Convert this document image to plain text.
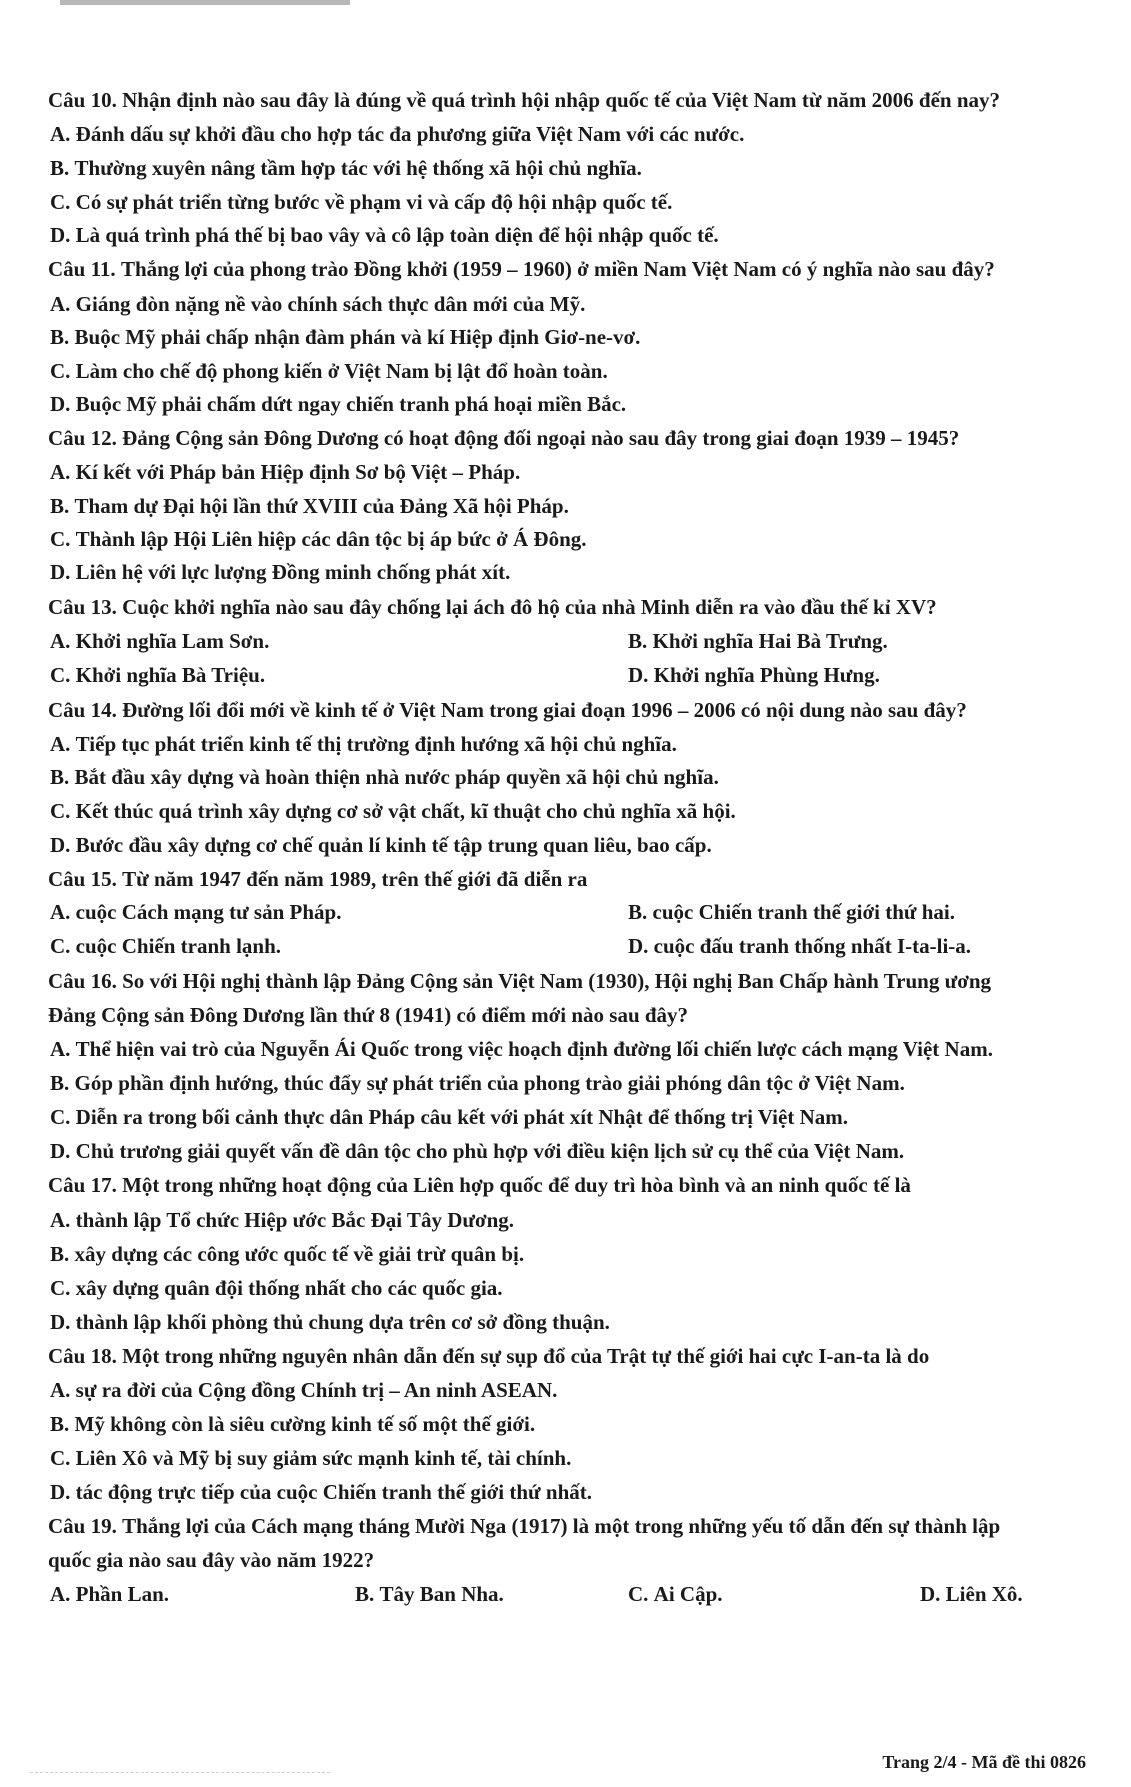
Câu 10. Nhận định nào sau đây là đúng về quá trình hội nhập quốc tế của Việt Nam từ năm 2006 đến nay?
A. Đánh dấu sự khởi đầu cho hợp tác đa phương giữa Việt Nam với các nước.
B. Thường xuyên nâng tầm hợp tác với hệ thống xã hội chủ nghĩa.
C. Có sự phát triển từng bước về phạm vi và cấp độ hội nhập quốc tế.
D. Là quá trình phá thế bị bao vây và cô lập toàn diện để hội nhập quốc tế.
Câu 11. Thắng lợi của phong trào Đồng khởi (1959 – 1960) ở miền Nam Việt Nam có ý nghĩa nào sau đây?
A. Giáng đòn nặng nề vào chính sách thực dân mới của Mỹ.
B. Buộc Mỹ phải chấp nhận đàm phán và kí Hiệp định Giơ-ne-vơ.
C. Làm cho chế độ phong kiến ở Việt Nam bị lật đổ hoàn toàn.
D. Buộc Mỹ phải chấm dứt ngay chiến tranh phá hoại miền Bắc.
Câu 12. Đảng Cộng sản Đông Dương có hoạt động đối ngoại nào sau đây trong giai đoạn 1939 – 1945?
A. Kí kết với Pháp bản Hiệp định Sơ bộ Việt – Pháp.
B. Tham dự Đại hội lần thứ XVIII của Đảng Xã hội Pháp.
C. Thành lập Hội Liên hiệp các dân tộc bị áp bức ở Á Đông.
D. Liên hệ với lực lượng Đồng minh chống phát xít.
Câu 13. Cuộc khởi nghĩa nào sau đây chống lại ách đô hộ của nhà Minh diễn ra vào đầu thế kỉ XV?
A. Khởi nghĩa Lam Sơn.	B. Khởi nghĩa Hai Bà Trưng.
C. Khởi nghĩa Bà Triệu.	D. Khởi nghĩa Phùng Hưng.
Câu 14. Đường lối đổi mới về kinh tế ở Việt Nam trong giai đoạn 1996 – 2006 có nội dung nào sau đây?
A. Tiếp tục phát triển kinh tế thị trường định hướng xã hội chủ nghĩa.
B. Bắt đầu xây dựng và hoàn thiện nhà nước pháp quyền xã hội chủ nghĩa.
C. Kết thúc quá trình xây dựng cơ sở vật chất, kĩ thuật cho chủ nghĩa xã hội.
D. Bước đầu xây dựng cơ chế quản lí kinh tế tập trung quan liêu, bao cấp.
Câu 15. Từ năm 1947 đến năm 1989, trên thế giới đã diễn ra
A. cuộc Cách mạng tư sản Pháp.	B. cuộc Chiến tranh thế giới thứ hai.
C. cuộc Chiến tranh lạnh.	D. cuộc đấu tranh thống nhất I-ta-li-a.
Câu 16. So với Hội nghị thành lập Đảng Cộng sản Việt Nam (1930), Hội nghị Ban Chấp hành Trung ương
Đảng Cộng sản Đông Dương lần thứ 8 (1941) có điểm mới nào sau đây?
A. Thể hiện vai trò của Nguyễn Ái Quốc trong việc hoạch định đường lối chiến lược cách mạng Việt Nam.
B. Góp phần định hướng, thúc đẩy sự phát triển của phong trào giải phóng dân tộc ở Việt Nam.
C. Diễn ra trong bối cảnh thực dân Pháp câu kết với phát xít Nhật để thống trị Việt Nam.
D. Chủ trương giải quyết vấn đề dân tộc cho phù hợp với điều kiện lịch sử cụ thể của Việt Nam.
Câu 17. Một trong những hoạt động của Liên hợp quốc để duy trì hòa bình và an ninh quốc tế là
A. thành lập Tổ chức Hiệp ước Bắc Đại Tây Dương.
B. xây dựng các công ước quốc tế về giải trừ quân bị.
C. xây dựng quân đội thống nhất cho các quốc gia.
D. thành lập khối phòng thủ chung dựa trên cơ sở đồng thuận.
Câu 18. Một trong những nguyên nhân dẫn đến sự sụp đổ của Trật tự thế giới hai cực I-an-ta là do
A. sự ra đời của Cộng đồng Chính trị – An ninh ASEAN.
B. Mỹ không còn là siêu cường kinh tế số một thế giới.
C. Liên Xô và Mỹ bị suy giảm sức mạnh kinh tế, tài chính.
D. tác động trực tiếp của cuộc Chiến tranh thế giới thứ nhất.
Câu 19. Thắng lợi của Cách mạng tháng Mười Nga (1917) là một trong những yếu tố dẫn đến sự thành lập
quốc gia nào sau đây vào năm 1922?
A. Phần Lan.	B. Tây Ban Nha.	C. Ai Cập.	D. Liên Xô.
Trang 2/4 - Mã đề thi 0826
